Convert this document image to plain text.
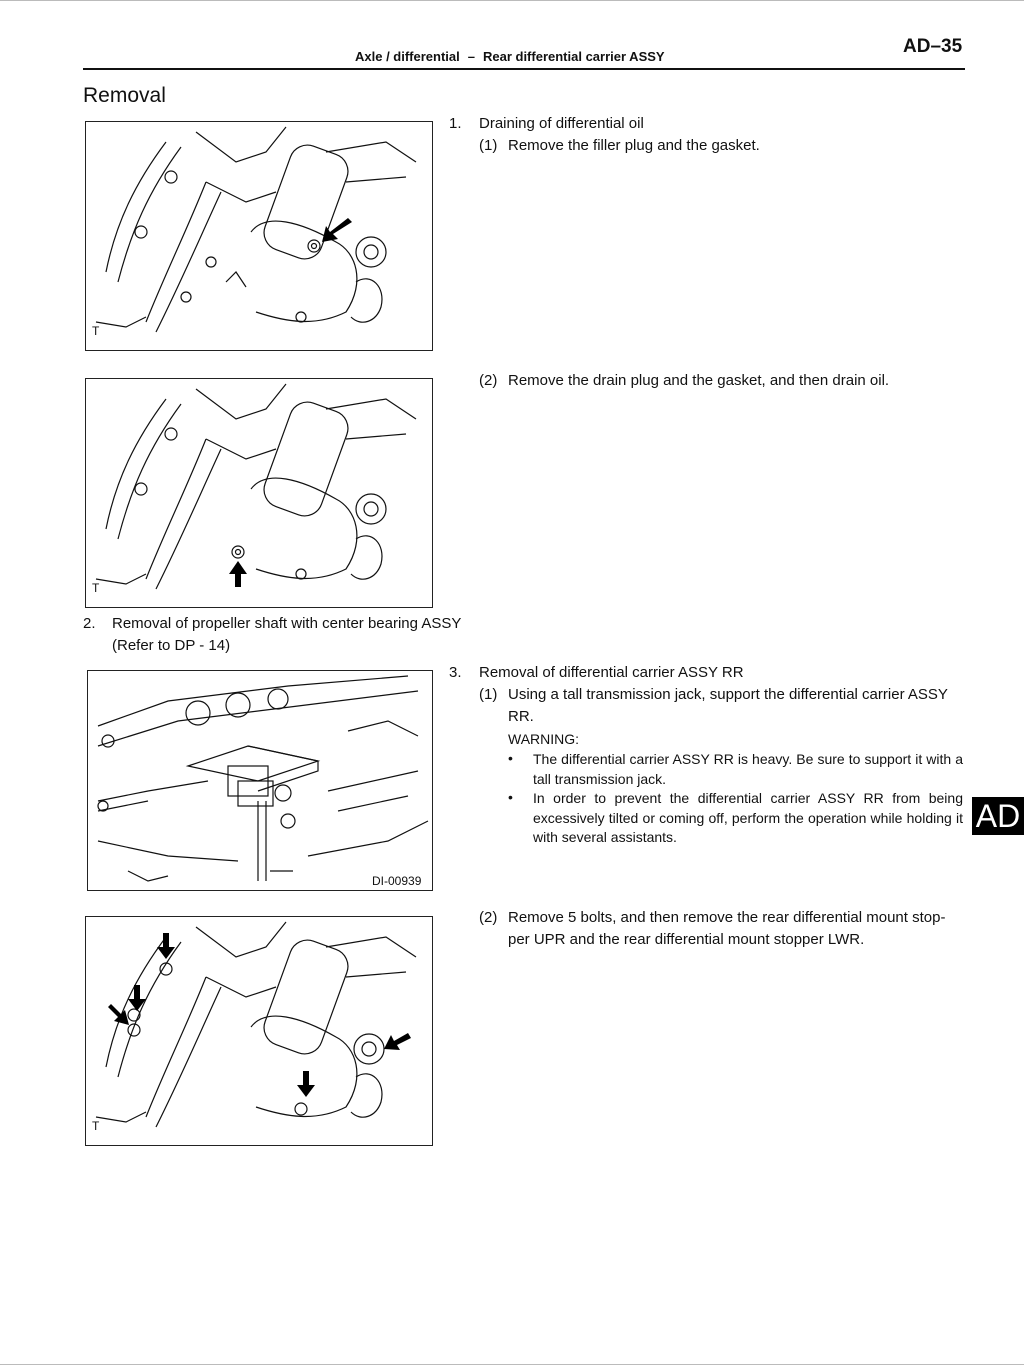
Axle / differential – Rear differential carrier ASSY	AD–35
Removal
T
T
DI-00939
T
1. Draining of differential oil
(1) Remove the filler plug and the gasket.
(2) Remove the drain plug and the gasket, and then drain oil.
2. Removal of propeller shaft with center bearing ASSY
(Refer to DP - 14)
3. Removal of differential carrier ASSY RR
(1) Using a tall transmission jack, support the differential carrier ASSY
RR.
WARNING:
• The differential carrier ASSY RR is heavy. Be sure to support it with a tall transmission jack.
• In order to prevent the differential carrier ASSY RR from being excessively tilted or coming off, perform the operation while holding it with several assistants.
AD
(2) Remove 5 bolts, and then remove the rear differential mount stop-
per UPR and the rear differential mount stopper LWR.
